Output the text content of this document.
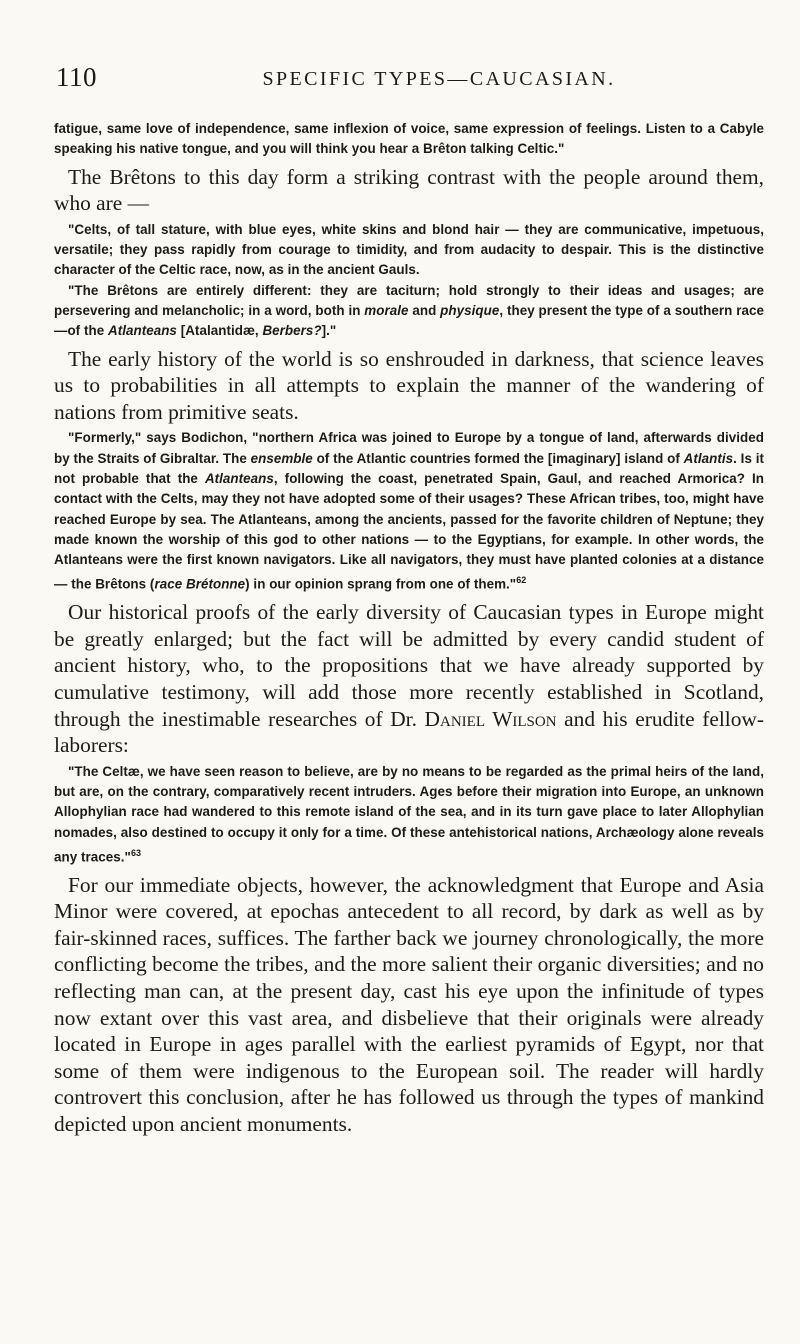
110	SPECIFIC TYPES—CAUCASIAN.

fatigue, same love of independence, same inflexion of voice, same expression of feelings. Listen to a Cabyle speaking his native tongue, and you will think you hear a Brêton talking Celtic."

The Brêtons to this day form a striking contrast with the people around them, who are —

"Celts, of tall stature, with blue eyes, white skins and blond hair — they are communicative, impetuous, versatile; they pass rapidly from courage to timidity, and from audacity to despair. This is the distinctive character of the Celtic race, now, as in the ancient Gauls.

"The Brêtons are entirely different: they are taciturn; hold strongly to their ideas and usages; are persevering and melancholic; in a word, both in morale and physique, they present the type of a southern race—of the Atlanteans [Atalantidæ, Berbers?]."

The early history of the world is so enshrouded in darkness, that science leaves us to probabilities in all attempts to explain the manner of the wandering of nations from primitive seats.

"Formerly," says Bodichon, "northern Africa was joined to Europe by a tongue of land, afterwards divided by the Straits of Gibraltar. The ensemble of the Atlantic countries formed the [imaginary] island of Atlantis. Is it not probable that the Atlanteans, following the coast, penetrated Spain, Gaul, and reached Armorica? In contact with the Celts, may they not have adopted some of their usages? These African tribes, too, might have reached Europe by sea. The Atlanteans, among the ancients, passed for the favorite children of Neptune; they made known the worship of this god to other nations — to the Egyptians, for example. In other words, the Atlanteans were the first known navigators. Like all navigators, they must have planted colonies at a distance — the Brêtons (race Brétonne) in our opinion sprang from one of them."$^{62}$

Our historical proofs of the early diversity of Caucasian types in Europe might be greatly enlarged; but the fact will be admitted by every candid student of ancient history, who, to the propositions that we have already supported by cumulative testimony, will add those more recently established in Scotland, through the inestimable researches of Dr. Daniel Wilson and his erudite fellow-laborers:

"The Celtæ, we have seen reason to believe, are by no means to be regarded as the primal heirs of the land, but are, on the contrary, comparatively recent intruders. Ages before their migration into Europe, an unknown Allophylian race had wandered to this remote island of the sea, and in its turn gave place to later Allophylian nomades, also destined to occupy it only for a time. Of these antehistorical nations, Archæology alone reveals any traces."$^{63}$

For our immediate objects, however, the acknowledgment that Europe and Asia Minor were covered, at epochas antecedent to all record, by dark as well as by fair-skinned races, suffices. The farther back we journey chronologically, the more conflicting become the tribes, and the more salient their organic diversities; and no reflecting man can, at the present day, cast his eye upon the infinitude of types now extant over this vast area, and disbelieve that their originals were already located in Europe in ages parallel with the earliest pyramids of Egypt, nor that some of them were indigenous to the European soil. The reader will hardly controvert this conclusion, after he has followed us through the types of mankind depicted upon ancient monuments.
